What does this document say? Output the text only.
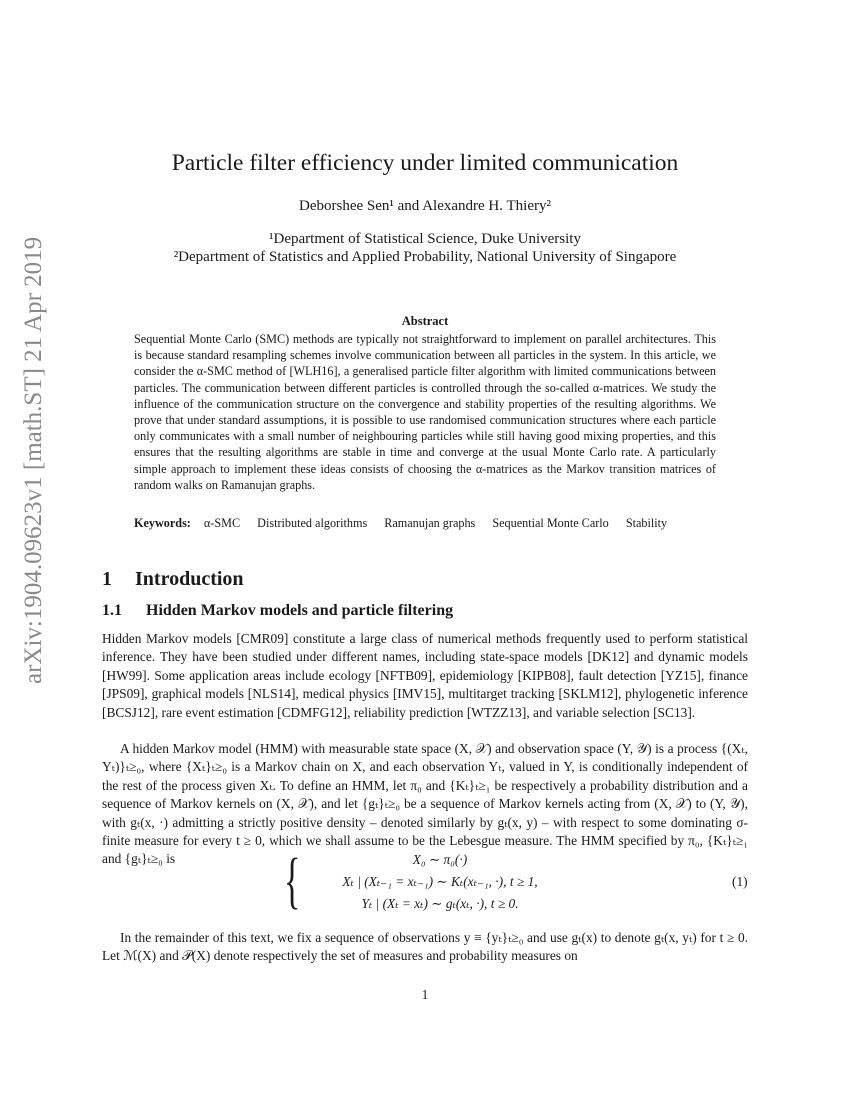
arXiv:1904.09623v1 [math.ST] 21 Apr 2019
Particle filter efficiency under limited communication
Deborshee Sen¹ and Alexandre H. Thiery²
¹Department of Statistical Science, Duke University
²Department of Statistics and Applied Probability, National University of Singapore
Abstract
Sequential Monte Carlo (SMC) methods are typically not straightforward to implement on parallel architectures. This is because standard resampling schemes involve communication between all particles in the system. In this article, we consider the α-SMC method of [WLH16], a generalised particle filter algorithm with limited communications between particles. The communication between different particles is controlled through the so-called α-matrices. We study the influence of the communication structure on the convergence and stability properties of the resulting algorithms. We prove that under standard assumptions, it is possible to use randomised communication structures where each particle only communicates with a small number of neighbouring particles while still having good mixing properties, and this ensures that the resulting algorithms are stable in time and converge at the usual Monte Carlo rate. A particularly simple approach to implement these ideas consists of choosing the α-matrices as the Markov transition matrices of random walks on Ramanujan graphs.
Keywords: α-SMC Distributed algorithms Ramanujan graphs Sequential Monte Carlo Stability
1 Introduction
1.1 Hidden Markov models and particle filtering
Hidden Markov models [CMR09] constitute a large class of numerical methods frequently used to perform statistical inference. They have been studied under different names, including state-space models [DK12] and dynamic models [HW99]. Some application areas include ecology [NFTB09], epidemiology [KIPB08], fault detection [YZ15], finance [JPS09], graphical models [NLS14], medical physics [IMV15], multitarget tracking [SKLM12], phylogenetic inference [BCSJ12], rare event estimation [CDMFG12], reliability prediction [WTZZ13], and variable selection [SC13].
A hidden Markov model (HMM) with measurable state space (X, 𝒳) and observation space (Y, 𝒴) is a process {(Xₜ, Yₜ)}ₜ≥₀, where {Xₜ}ₜ≥₀ is a Markov chain on X, and each observation Yₜ, valued in Y, is conditionally independent of the rest of the process given Xₜ. To define an HMM, let π₀ and {Kₜ}ₜ≥₁ be respectively a probability distribution and a sequence of Markov kernels on (X, 𝒳), and let {gₜ}ₜ≥₀ be a sequence of Markov kernels acting from (X, 𝒳) to (Y, 𝒴), with gₜ(x, ·) admitting a strictly positive density – denoted similarly by gₜ(x, y) – with respect to some dominating σ-finite measure for every t ≥ 0, which we shall assume to be the Lebesgue measure. The HMM specified by π₀, {Kₜ}ₜ≥₁ and {gₜ}ₜ≥₀ is	{	X₀ ∼ π₀(·)
Xₜ | (Xₜ₋₁ = xₜ₋₁) ∼ Kₜ(xₜ₋₁, ·), t ≥ 1,
Yₜ | (Xₜ = xₜ) ∼ gₜ(xₜ, ·), t ≥ 0.
(1)
In the remainder of this text, we fix a sequence of observations y ≡ {yₜ}ₜ≥₀ and use gₜ(x) to denote gₜ(x, yₜ) for t ≥ 0. Let ℳ(X) and 𝒫(X) denote respectively the set of measures and probability measures on
1
